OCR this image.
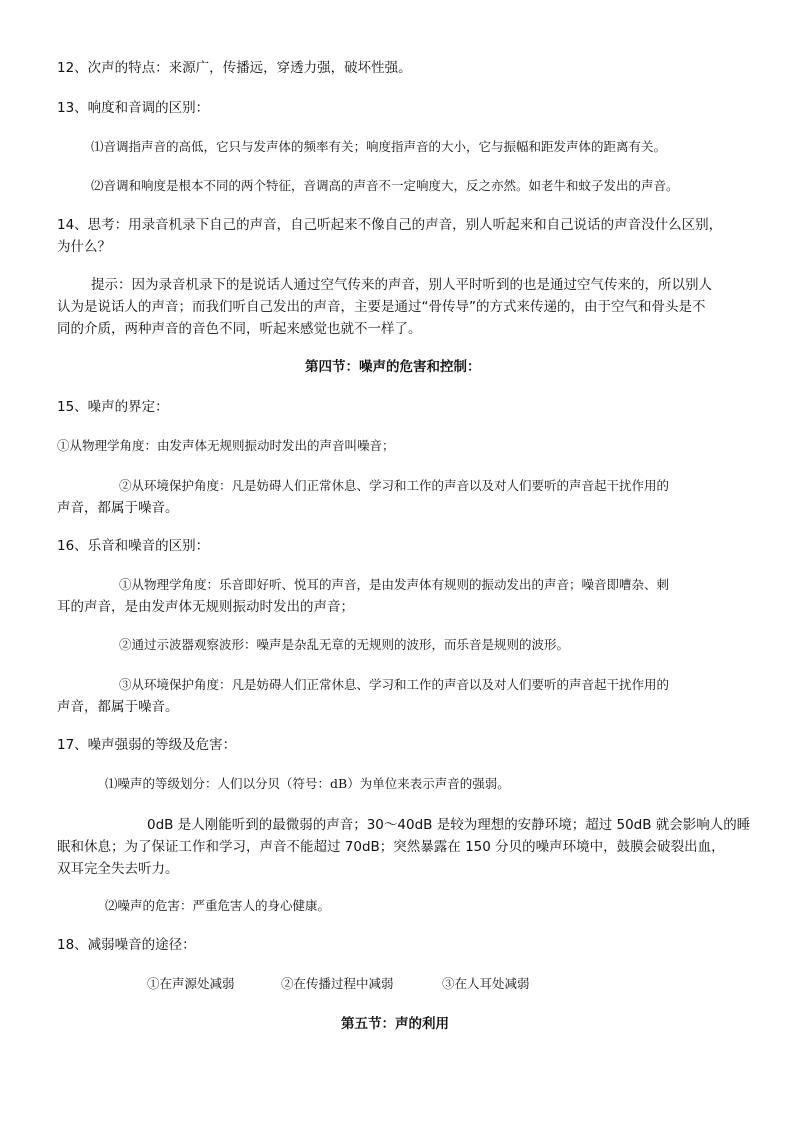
12、次声的特点：来源广，传播远，穿透力强，破坏性强。
13、响度和音调的区别：
⑴音调指声音的高低，它只与发声体的频率有关；响度指声音的大小，它与振幅和距发声体的距离有关。
⑵音调和响度是根本不同的两个特征，音调高的声音不一定响度大，反之亦然。如老牛和蚊子发出的声音。
14、思考：用录音机录下自己的声音，自己听起来不像自己的声音，别人听起来和自己说话的声音没什么区别，
为什么？
提示：因为录音机录下的是说话人通过空气传来的声音，别人平时听到的也是通过空气传来的，所以别人
认为是说话人的声音；而我们听自己发出的声音，主要是通过“骨传导”的方式来传递的，由于空气和骨头是不
同的介质，两种声音的音色不同，听起来感觉也就不一样了。
第四节：噪声的危害和控制：
15、噪声的界定：
①从物理学角度：由发声体无规则振动时发出的声音叫噪音；
②从环境保护角度：凡是妨碍人们正常休息、学习和工作的声音以及对人们要听的声音起干扰作用的
声音，都属于噪音。
16、乐音和噪音的区别：
①从物理学角度：乐音即好听、悦耳的声音，是由发声体有规则的振动发出的声音；噪音即嘈杂、刺
耳的声音，是由发声体无规则振动时发出的声音；
②通过示波器观察波形：噪声是杂乱无章的无规则的波形，而乐音是规则的波形。
③从环境保护角度：凡是妨碍人们正常休息、学习和工作的声音以及对人们要听的声音起干扰作用的
声音，都属于噪音。
17、噪声强弱的等级及危害：
⑴噪声的等级划分：人们以分贝（符号：dB）为单位来表示声音的强弱。
0dB 是人刚能听到的最微弱的声音；30～40dB 是较为理想的安静环境；超过 50dB 就会影响人的睡
眠和休息；为了保证工作和学习，声音不能超过 70dB；突然暴露在 150 分贝的噪声环境中，鼓膜会破裂出血，
双耳完全失去听力。
⑵噪声的危害：严重危害人的身心健康。
18、减弱噪音的途径：
①在声源处减弱	②在传播过程中减弱	③在人耳处减弱
第五节：声的利用
